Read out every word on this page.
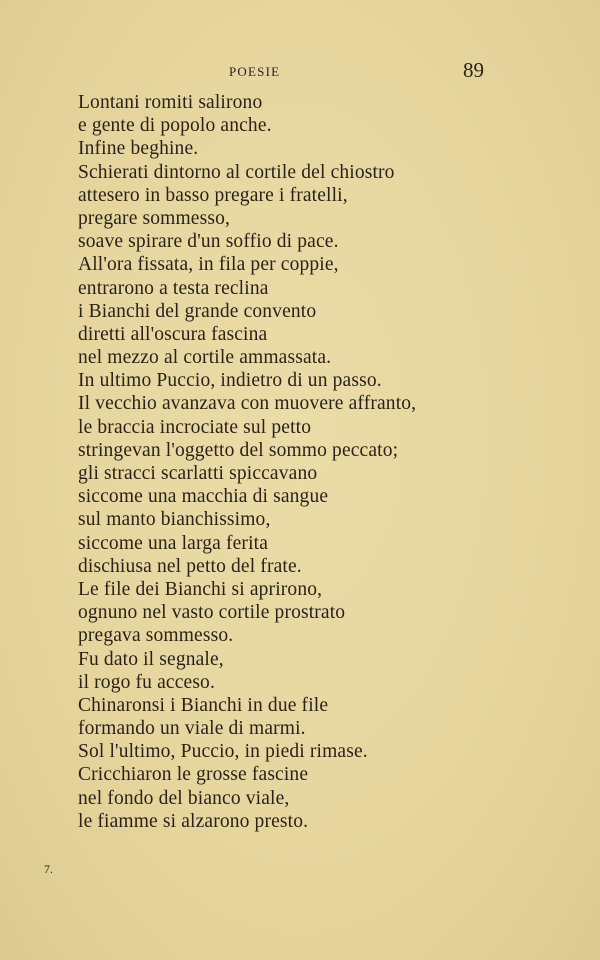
POESIE	89
Lontani romiti salirono
e gente di popolo anche.
Infine beghine.
Schierati dintorno al cortile del chiostro
attesero in basso pregare i fratelli,
pregare sommesso,
soave spirare d'un soffio di pace.
All'ora fissata, in fila per coppie,
entrarono a testa reclina
i Bianchi del grande convento
diretti all'oscura fascina
nel mezzo al cortile ammassata.
In ultimo Puccio, indietro di un passo.
Il vecchio avanzava con muovere affranto,
le braccia incrociate sul petto
stringevan l'oggetto del sommo peccato;
gli stracci scarlatti spiccavano
siccome una macchia di sangue
sul manto bianchissimo,
siccome una larga ferita
dischiusa nel petto del frate.
Le file dei Bianchi si aprirono,
ognuno nel vasto cortile prostrato
pregava sommesso.
Fu dato il segnale,
il rogo fu acceso.
Chinaronsi i Bianchi in due file
formando un viale di marmi.
Sol l'ultimo, Puccio, in piedi rimase.
Cricchiaron le grosse fascine
nel fondo del bianco viale,
le fiamme si alzarono presto.
7.
